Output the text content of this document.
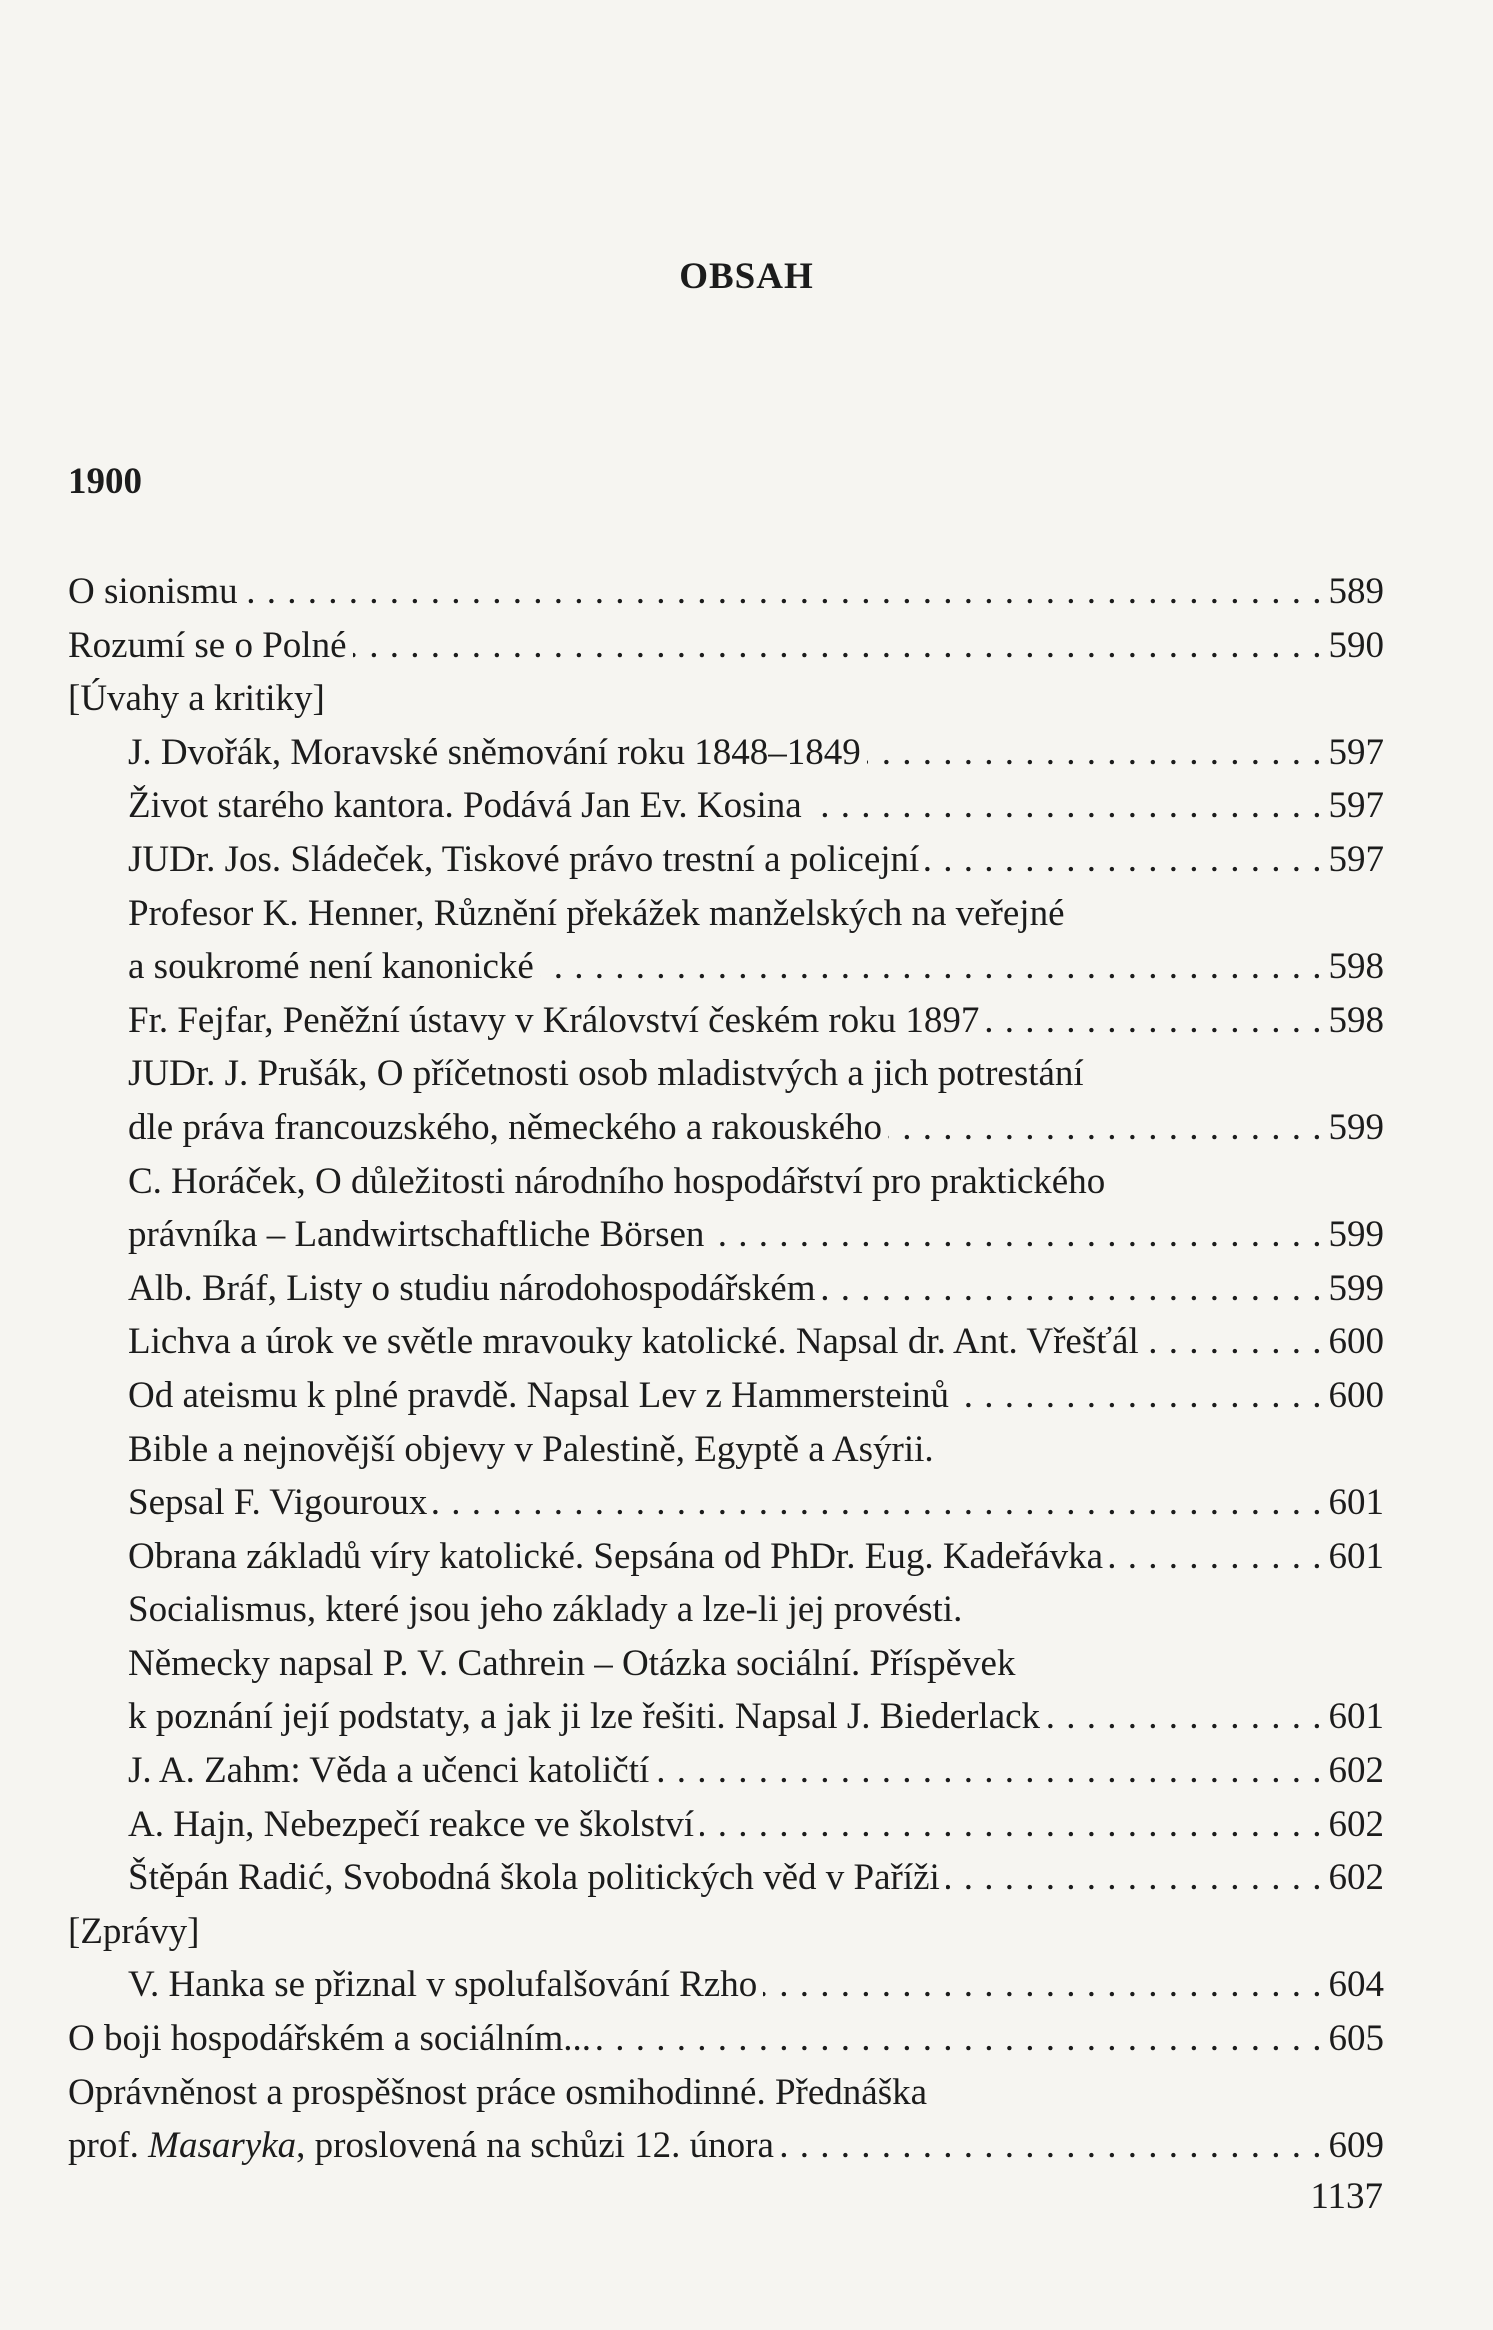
OBSAH
1900
O sionismu . . .	589
Rozumí se o Polné . . .	590
[Úvahy a kritiky]
J. Dvořák, Moravské sněmování roku 1848–1849 . . .	597
Život starého kantora. Podává Jan Ev. Kosina . . .	597
JUDr. Jos. Sládeček, Tiskové právo trestní a policejní . . .	597
Profesor K. Henner, Různění překážek manželských na veřejné
a soukromé není kanonické . . .	598
Fr. Fejfar, Peněžní ústavy v Království českém roku 1897 . . .	598
JUDr. J. Prušák, O příčetnosti osob mladistvých a jich potrestání
dle práva francouzského, německého a rakouského . . .	599
C. Horáček, O důležitosti národního hospodářství pro praktického
právníka – Landwirtschaftliche Börsen . . .	599
Alb. Bráf, Listy o studiu národohospodářském . . .	599
Lichva a úrok ve světle mravouky katolické. Napsal dr. Ant. Vřešťál . . .	600
Od ateismu k plné pravdě. Napsal Lev z Hammersteinů . . .	600
Bible a nejnovější objevy v Palestině, Egyptě a Asýrii.
Sepsal F. Vigouroux . . .	601
Obrana základů víry katolické. Sepsána od PhDr. Eug. Kadeřávka . . .	601
Socialismus, které jsou jeho základy a lze-li jej provésti.
Německy napsal P. V. Cathrein – Otázka sociální. Příspěvek
k poznání její podstaty, a jak ji lze řešiti. Napsal J. Biederlack . . .	601
J. A. Zahm: Věda a učenci katoličtí . . .	602
A. Hajn, Nebezpečí reakce ve školství . . .	602
Štěpán Radić, Svobodná škola politických věd v Paříži . . .	602
[Zprávy]
V. Hanka se přiznal v spolufalšování Rzho . . .	604
O boji hospodářském a sociálním... . . .	605
Oprávněnost a prospěšnost práce osmihodinné. Přednáška
prof. Masaryka, proslovená na schůzi 12. února . . .	609
1137
